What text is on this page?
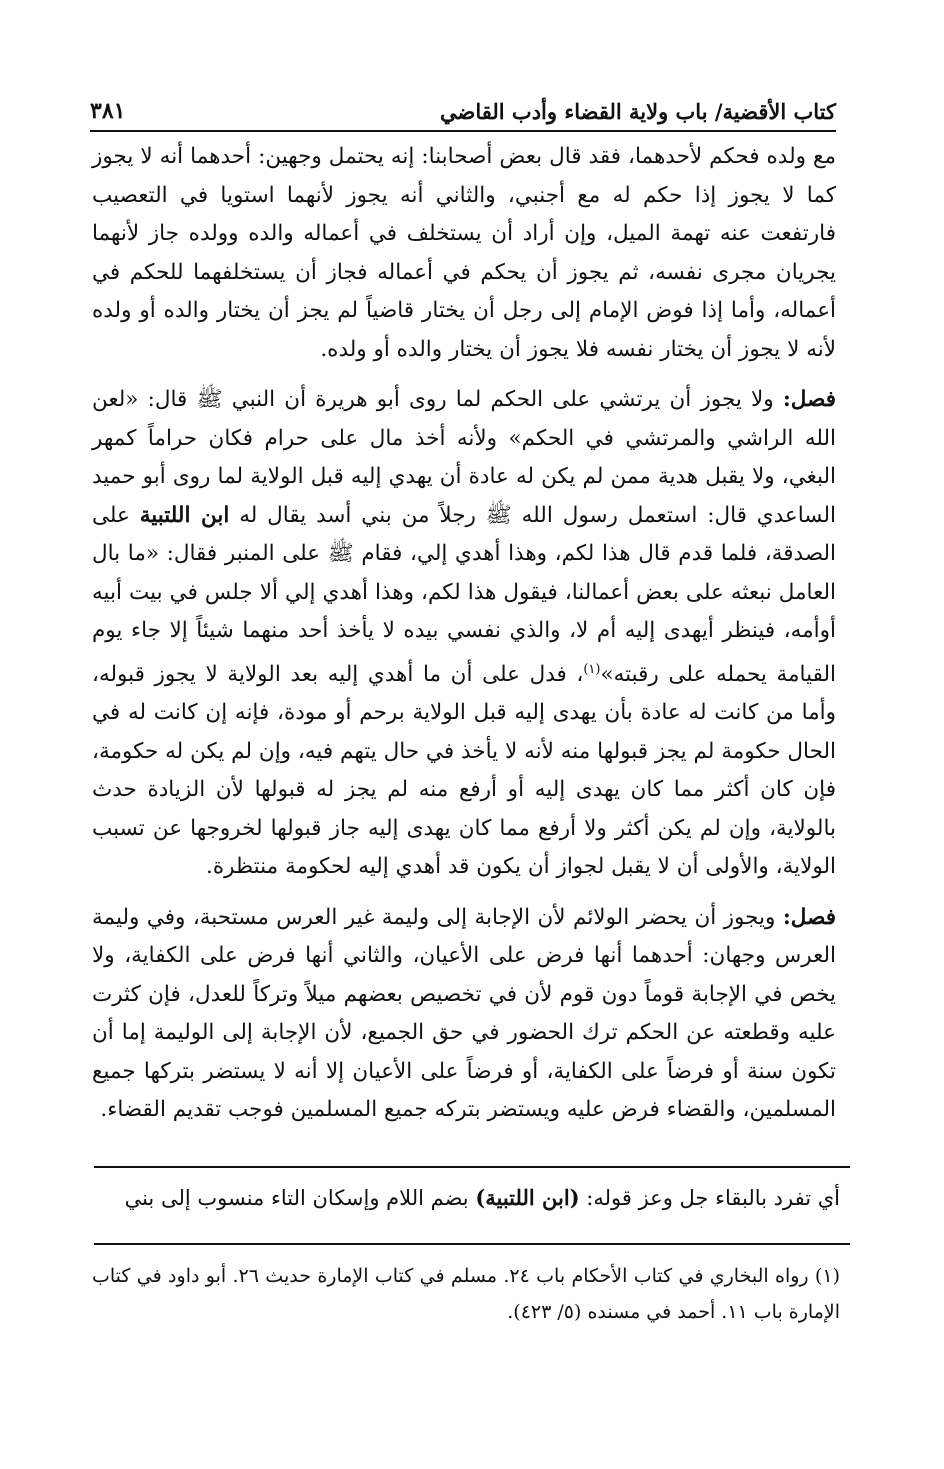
كتاب الأقضية/ باب ولاية القضاء وأدب القاضي
٣٨١

مع ولده فحكم لأحدهما، فقد قال بعض أصحابنا: إنه يحتمل وجهين: أحدهما أنه لا يجوز كما لا يجوز إذا حكم له مع أجنبي، والثاني أنه يجوز لأنهما استويا في التعصيب فارتفعت عنه تهمة الميل، وإن أراد أن يستخلف في أعماله والده وولده جاز لأنهما يجريان مجرى نفسه، ثم يجوز أن يحكم في أعماله فجاز أن يستخلفهما للحكم في أعماله، وأما إذا فوض الإمام إلى رجل أن يختار قاضياً لم يجز أن يختار والده أو ولده لأنه لا يجوز أن يختار نفسه فلا يجوز أن يختار والده أو ولده.

فصل: ولا يجوز أن يرتشي على الحكم لما روى أبو هريرة أن النبي ﷺ قال: «لعن الله الراشي والمرتشي في الحكم» ولأنه أخذ مال على حرام فكان حراماً كمهر البغي، ولا يقبل هدية ممن لم يكن له عادة أن يهدي إليه قبل الولاية لما روى أبو حميد الساعدي قال: استعمل رسول الله ﷺ رجلاً من بني أسد يقال له ابن اللتبية على الصدقة، فلما قدم قال هذا لكم، وهذا أهدي إلي، فقام ﷺ على المنبر فقال: «ما بال العامل نبعثه على بعض أعمالنا، فيقول هذا لكم، وهذا أهدي إلي ألا جلس في بيت أبيه أوأمه، فينظر أيهدى إليه أم لا، والذي نفسي بيده لا يأخذ أحد منهما شيئاً إلا جاء يوم القيامة يحمله على رقبته»$^{(١)}$، فدل على أن ما أهدي إليه بعد الولاية لا يجوز قبوله، وأما من كانت له عادة بأن يهدى إليه قبل الولاية برحم أو مودة، فإنه إن كانت له في الحال حكومة لم يجز قبولها منه لأنه لا يأخذ في حال يتهم فيه، وإن لم يكن له حكومة، فإن كان أكثر مما كان يهدى إليه أو أرفع منه لم يجز له قبولها لأن الزيادة حدث بالولاية، وإن لم يكن أكثر ولا أرفع مما كان يهدى إليه جاز قبولها لخروجها عن تسبب الولاية، والأولى أن لا يقبل لجواز أن يكون قد أهدي إليه لحكومة منتظرة.

فصل: ويجوز أن يحضر الولائم لأن الإجابة إلى وليمة غير العرس مستحبة، وفي وليمة العرس وجهان: أحدهما أنها فرض على الأعيان، والثاني أنها فرض على الكفاية، ولا يخص في الإجابة قوماً دون قوم لأن في تخصيص بعضهم ميلاً وتركاً للعدل، فإن كثرت عليه وقطعته عن الحكم ترك الحضور في حق الجميع، لأن الإجابة إلى الوليمة إما أن تكون سنة أو فرضاً على الكفاية، أو فرضاً على الأعيان إلا أنه لا يستضر بتركها جميع المسلمين، والقضاء فرض عليه ويستضر بتركه جميع المسلمين فوجب تقديم القضاء.

أي تفرد بالبقاء جل وعز قوله: (ابن اللتبية) بضم اللام وإسكان التاء منسوب إلى بني
(١) رواه البخاري في كتاب الأحكام باب ٢٤. مسلم في كتاب الإمارة حديث ٢٦. أبو داود في كتاب الإمارة باب ١١. أحمد في مسنده (٥/ ٤٢٣).
